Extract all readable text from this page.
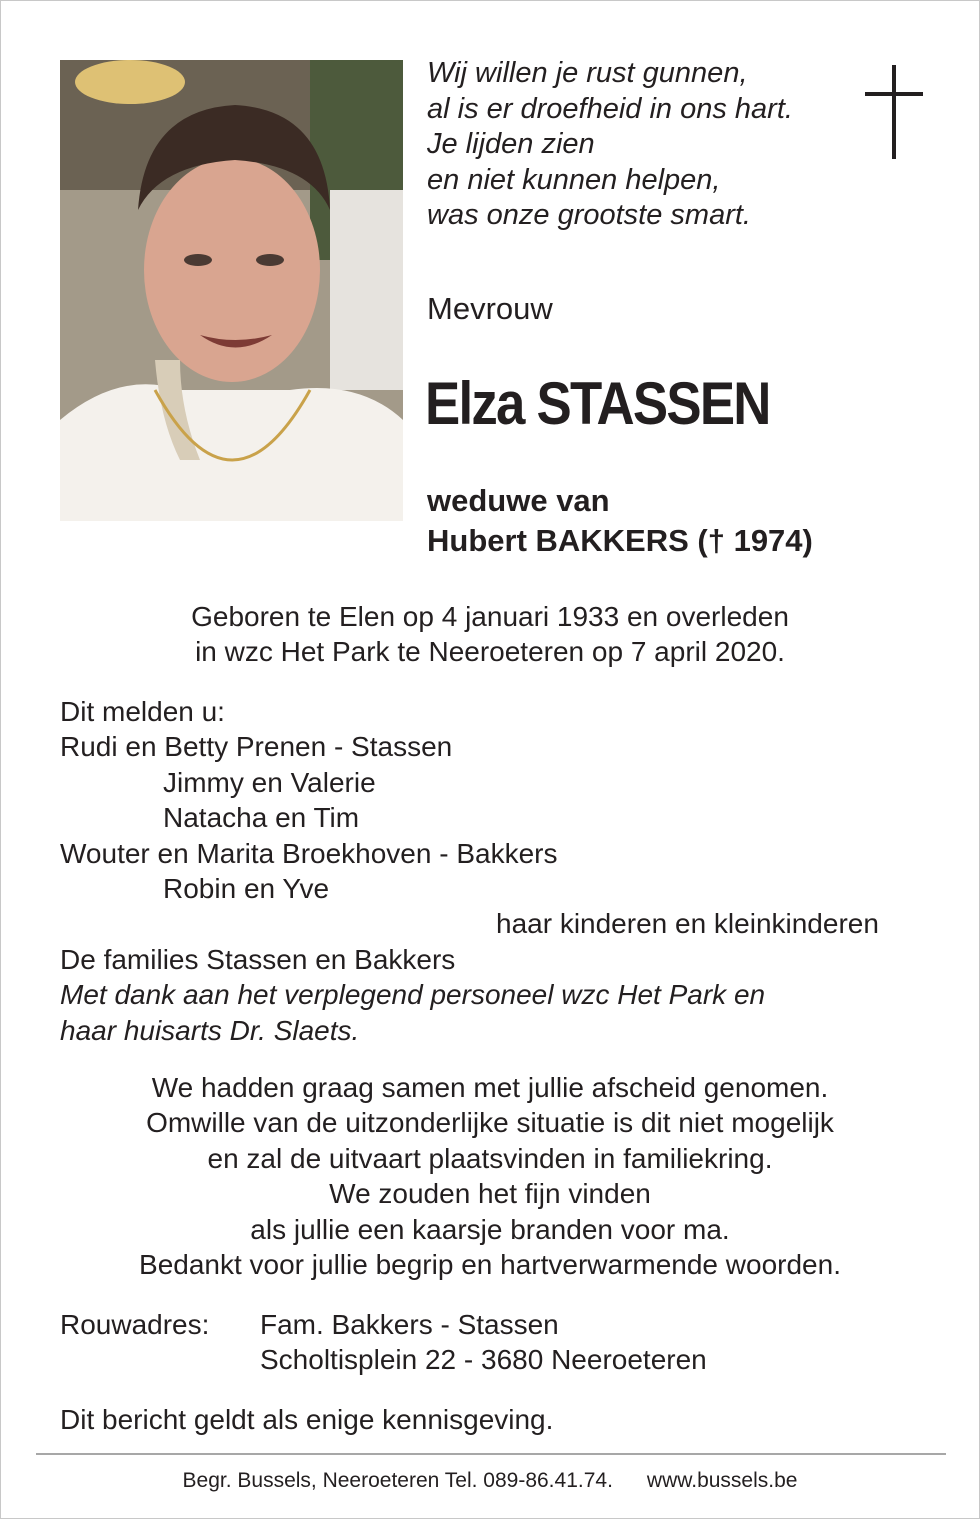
Wij willen je rust gunnen,
al is er droefheid in ons hart.
Je lijden zien
en niet kunnen helpen,
was onze grootste smart.
Mevrouw
Elza STASSEN
weduwe van
Hubert BAKKERS († 1974)
Geboren te Elen op 4 januari 1933 en overleden
in wzc Het Park te Neeroeteren op 7 april 2020.
Dit melden u:
Rudi en Betty Prenen - Stassen
Jimmy en Valerie
Natacha en Tim
Wouter en Marita Broekhoven - Bakkers
Robin en Yve
haar kinderen en kleinkinderen
De families Stassen en Bakkers
Met dank aan het verplegend personeel wzc Het Park en
haar huisarts Dr. Slaets.
We hadden graag samen met jullie afscheid genomen.
Omwille van de uitzonderlijke situatie is dit niet mogelijk
en zal de uitvaart plaatsvinden in familiekring.
We zouden het fijn vinden
als jullie een kaarsje branden voor ma.
Bedankt voor jullie begrip en hartverwarmende woorden.
Rouwadres:	Fam. Bakkers - Stassen
Scholtisplein 22 - 3680 Neeroeteren
Dit bericht geldt als enige kennisgeving.
Begr. Bussels, Neeroeteren Tel. 089-86.41.74. www.bussels.be
